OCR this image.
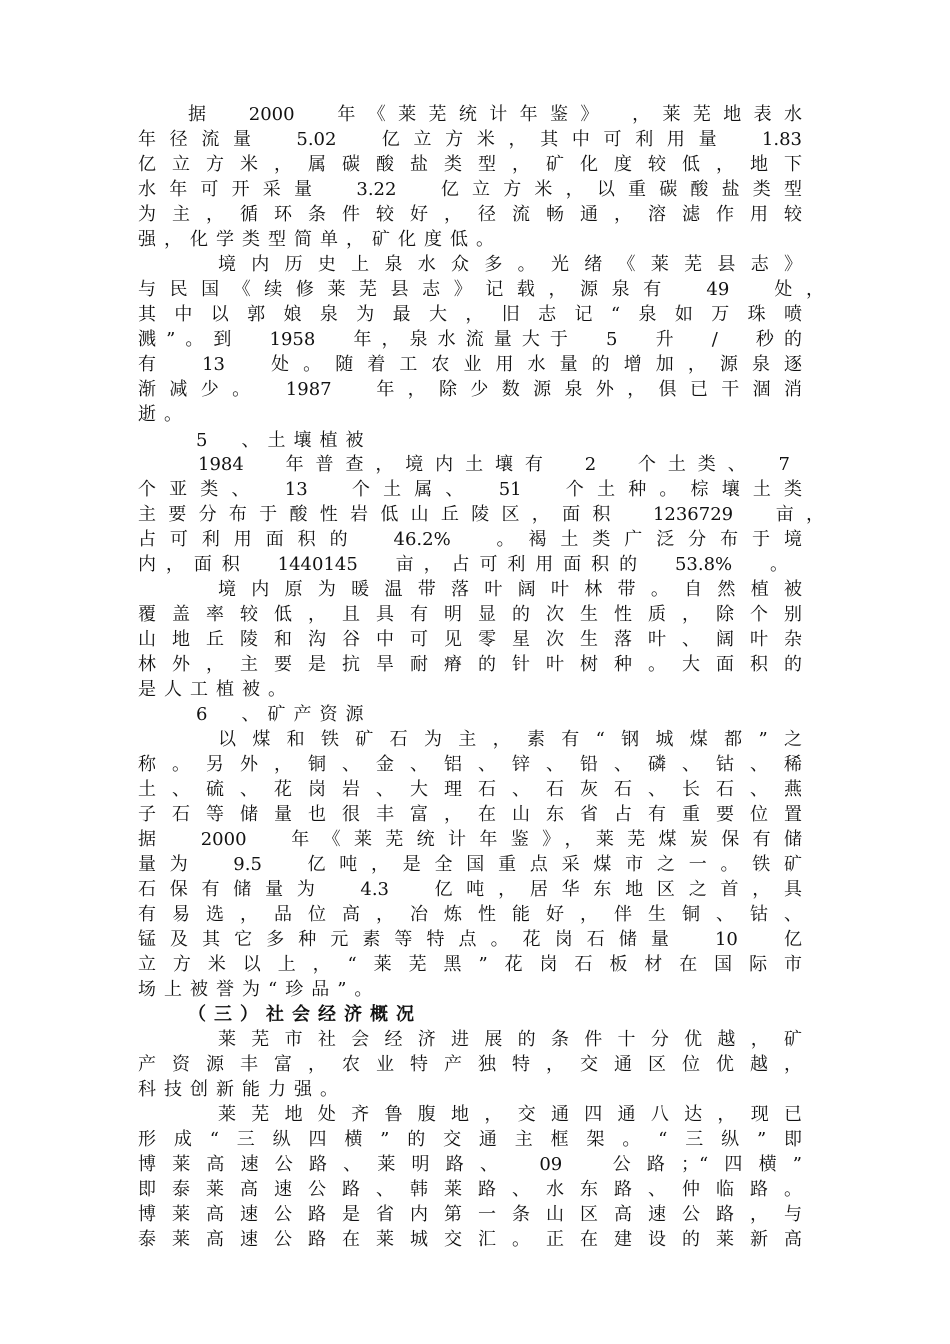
据　2000　年《莱芜统计年鉴》　，莱芜地表水
年径流量　5.02　亿立方米，其中可利用量　1.83
亿立方米，属碳酸盐类型，矿化度较低，地下
水年可开采量　3.22　亿立方米，以重碳酸盐类型
为主，循环条件较好，径流畅通，溶滤作用较
强，化学类型简单，矿化度低。
境内历史上泉水众多。光绪《莱芜县志》
与民国《续修莱芜县志》记载，源泉有　49　处，
其中以郭娘泉为最大，旧志记“泉如万珠喷
溅”。到　1958　年，泉水流量大于　5　升　/　秒的
有　13　处。随着工农业用水量的增加，源泉逐
渐减少。　1987　年，除少数源泉外，俱已干涸消
逝。
5　、土壤植被
1984　年普查，境内土壤有　2　个土类、　7
个亚类、　13　个土属、　51　个土种。棕壤土类
主要分布于酸性岩低山丘陵区，面积　1236729　亩，
占可利用面积的　46.2%　。褐土类广泛分布于境
内，面积　1440145　亩，占可利用面积的　53.8%　。
境内原为暖温带落叶阔叶林带。自然植被
覆盖率较低，且具有明显的次生性质，除个别
山地丘陵和沟谷中可见零星次生落叶、阔叶杂
林外，主要是抗旱耐瘠的针叶树种。大面积的
是人工植被。
6　、矿产资源
以煤和铁矿石为主，素有“钢城煤都”之
称。另外，铜、金、铝、锌、铅、磷、钴、稀
土、硫、花岗岩、大理石、石灰石、长石、燕
子石等储量也很丰富，在山东省占有重要位置
据　2000　年《莱芜统计年鉴》，莱芜煤炭保有储
量为　9.5　亿吨，是全国重点采煤市之一。铁矿
石保有储量为　4.3　亿吨，居华东地区之首，具
有易选，品位高，冶炼性能好，伴生铜、钴、
锰及其它多种元素等特点。花岗石储量　10　亿
立方米以上，“莱芜黑”花岗石板材在国际市
场上被誉为“珍品”。
（三）社会经济概况
莱芜市社会经济进展的条件十分优越，矿
产资源丰富，农业特产独特，交通区位优越，
科技创新能力强。
莱芜地处齐鲁腹地，交通四通八达，现已
形成“三纵四横”的交通主框架。“三纵”即
博莱高速公路、莱明路、　09　公路；“四横”
即泰莱高速公路、韩莱路、水东路、仲临路。
博莱高速公路是省内第一条山区高速公路，与
泰莱高速公路在莱城交汇。正在建设的莱新高
